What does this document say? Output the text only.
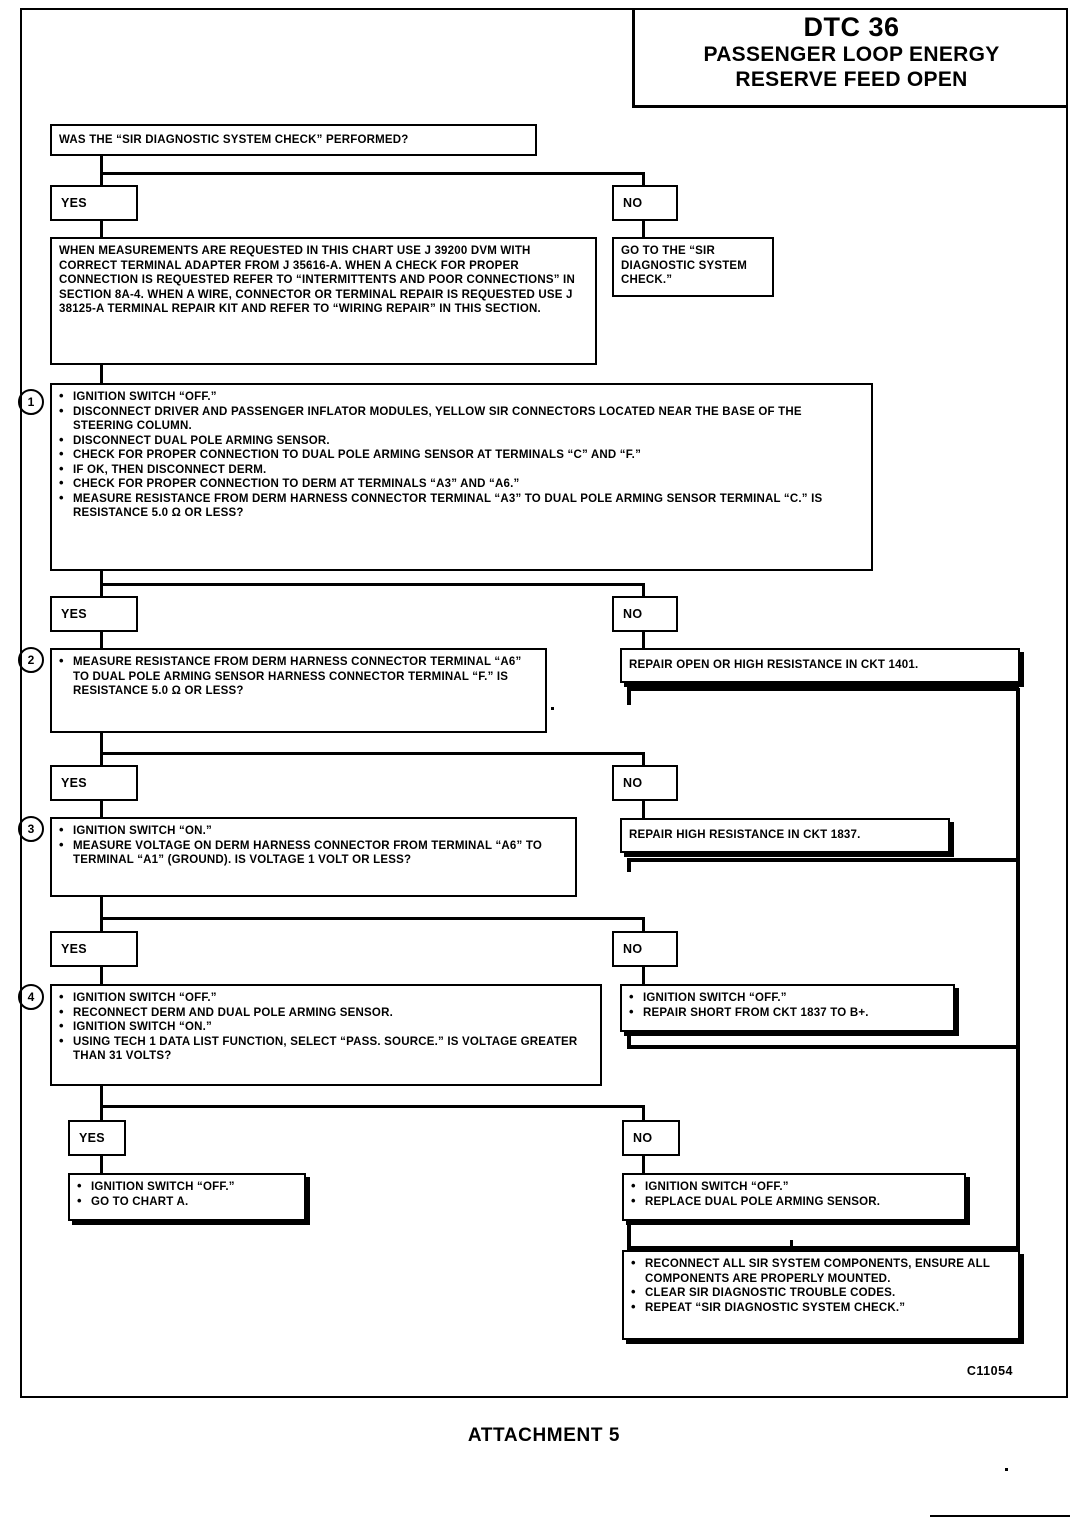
DTC 36
PASSENGER LOOP ENERGY
RESERVE FEED OPEN
1
2
3
4
WAS THE “SIR DIAGNOSTIC SYSTEM CHECK” PERFORMED?
YES	NO
WHEN MEASUREMENTS ARE REQUESTED IN THIS CHART USE J 39200 DVM WITH CORRECT TERMINAL ADAPTER FROM J 35616-A. WHEN A CHECK FOR PROPER CONNECTION IS REQUESTED REFER TO “INTERMITTENTS AND POOR CONNECTIONS” IN SECTION 8A-4. WHEN A WIRE, CONNECTOR OR TERMINAL REPAIR IS REQUESTED USE J 38125-A TERMINAL REPAIR KIT AND REFER TO “WIRING REPAIR” IN THIS SECTION.
GO TO THE “SIR DIAGNOSTIC SYSTEM CHECK.”
• IGNITION SWITCH “OFF.”
• DISCONNECT DRIVER AND PASSENGER INFLATOR MODULES, YELLOW SIR CONNECTORS LOCATED NEAR THE BASE OF THE STEERING COLUMN.
• DISCONNECT DUAL POLE ARMING SENSOR.
• CHECK FOR PROPER CONNECTION TO DUAL POLE ARMING SENSOR AT TERMINALS “C” AND “F.”
• IF OK, THEN DISCONNECT DERM.
• CHECK FOR PROPER CONNECTION TO DERM AT TERMINALS “A3” AND “A6.”
• MEASURE RESISTANCE FROM DERM HARNESS CONNECTOR TERMINAL “A3” TO DUAL POLE ARMING SENSOR TERMINAL “C.” IS RESISTANCE 5.0 Ω OR LESS?
YES	NO
• MEASURE RESISTANCE FROM DERM HARNESS CONNECTOR TERMINAL “A6” TO DUAL POLE ARMING SENSOR HARNESS CONNECTOR TERMINAL “F.” IS RESISTANCE 5.0 Ω OR LESS?
REPAIR OPEN OR HIGH RESISTANCE IN CKT 1401.
YES	NO
• IGNITION SWITCH “ON.”
• MEASURE VOLTAGE ON DERM HARNESS CONNECTOR FROM TERMINAL “A6” TO TERMINAL “A1” (GROUND). IS VOLTAGE 1 VOLT OR LESS?
REPAIR HIGH RESISTANCE IN CKT 1837.
YES	NO
• IGNITION SWITCH “OFF.”
• RECONNECT DERM AND DUAL POLE ARMING SENSOR.
• IGNITION SWITCH “ON.”
• USING TECH 1 DATA LIST FUNCTION, SELECT “PASS. SOURCE.” IS VOLTAGE GREATER THAN 31 VOLTS?
• IGNITION SWITCH “OFF.”
• REPAIR SHORT FROM CKT 1837 TO B+.
YES	NO
• IGNITION SWITCH “OFF.”
• GO TO CHART A.
• IGNITION SWITCH “OFF.”
• REPLACE DUAL POLE ARMING SENSOR.
• RECONNECT ALL SIR SYSTEM COMPONENTS, ENSURE ALL COMPONENTS ARE PROPERLY MOUNTED.
• CLEAR SIR DIAGNOSTIC TROUBLE CODES.
• REPEAT “SIR DIAGNOSTIC SYSTEM CHECK.”
C11054
ATTACHMENT 5
